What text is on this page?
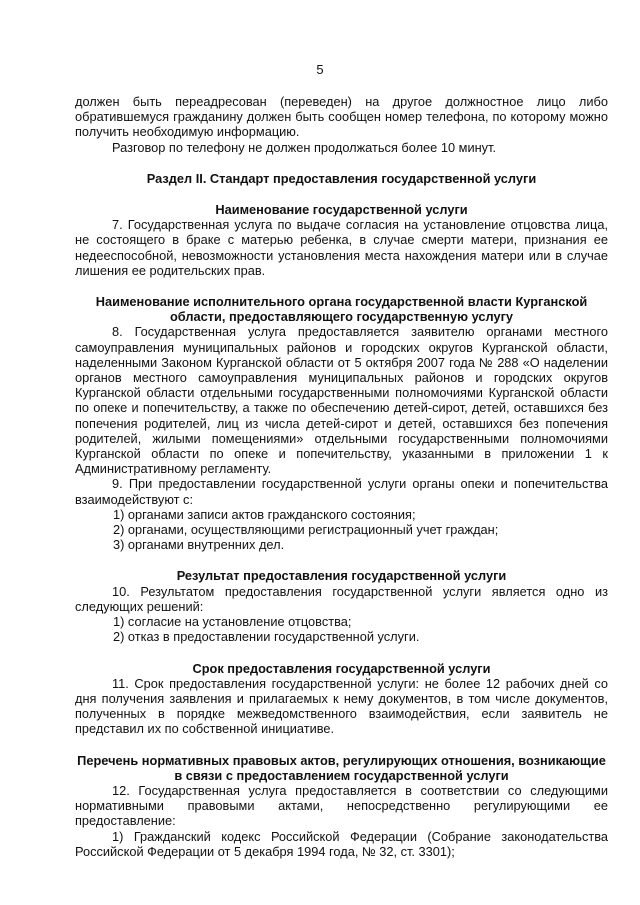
5

должен быть переадресован (переведен) на другое должностное лицо либо обратившемуся гражданину должен быть сообщен номер телефона, по которому можно получить необходимую информацию.

Разговор по телефону не должен продолжаться более 10 минут.

Раздел II. Стандарт предоставления государственной услуги

Наименование государственной услуги

7. Государственная услуга по выдаче согласия на установление отцовства лица, не состоящего в браке с матерью ребенка, в случае смерти матери, признания ее недееспособной, невозможности установления места нахождения матери или в случае лишения ее родительских прав.

Наименование исполнительного органа государственной власти Курганской области, предоставляющего государственную услугу

8. Государственная услуга предоставляется заявителю органами местного самоуправления муниципальных районов и городских округов Курганской области, наделенными Законом Курганской области от 5 октября 2007 года № 288 «О наделении органов местного самоуправления муниципальных районов и городских округов Курганской области отдельными государственными полномочиями Курганской области по опеке и попечительству, а также по обеспечению детей-сирот, детей, оставшихся без попечения родителей, лиц из числа детей-сирот и детей, оставшихся без попечения родителей, жилыми помещениями» отдельными государственными полномочиями Курганской области по опеке и попечительству, указанными в приложении 1 к Административному регламенту.

9. При предоставлении государственной услуги органы опеки и попечительства взаимодействуют с:

1) органами записи актов гражданского состояния;

2) органами, осуществляющими регистрационный учет граждан;

3) органами внутренних дел.

Результат предоставления государственной услуги

10. Результатом предоставления государственной услуги является одно из следующих решений:

1) согласие на установление отцовства;

2) отказ в предоставлении государственной услуги.

Срок предоставления государственной услуги

11. Срок предоставления государственной услуги: не более 12 рабочих дней со дня получения заявления и прилагаемых к нему документов, в том числе документов, полученных в порядке межведомственного взаимодействия, если заявитель не представил их по собственной инициативе.

Перечень нормативных правовых актов, регулирующих отношения, возникающие в связи с предоставлением государственной услуги

12. Государственная услуга предоставляется в соответствии со следующими нормативными правовыми актами, непосредственно регулирующими ее предоставление:

1) Гражданский кодекс Российской Федерации (Собрание законодательства Российской Федерации от 5 декабря 1994 года, № 32, ст. 3301);
